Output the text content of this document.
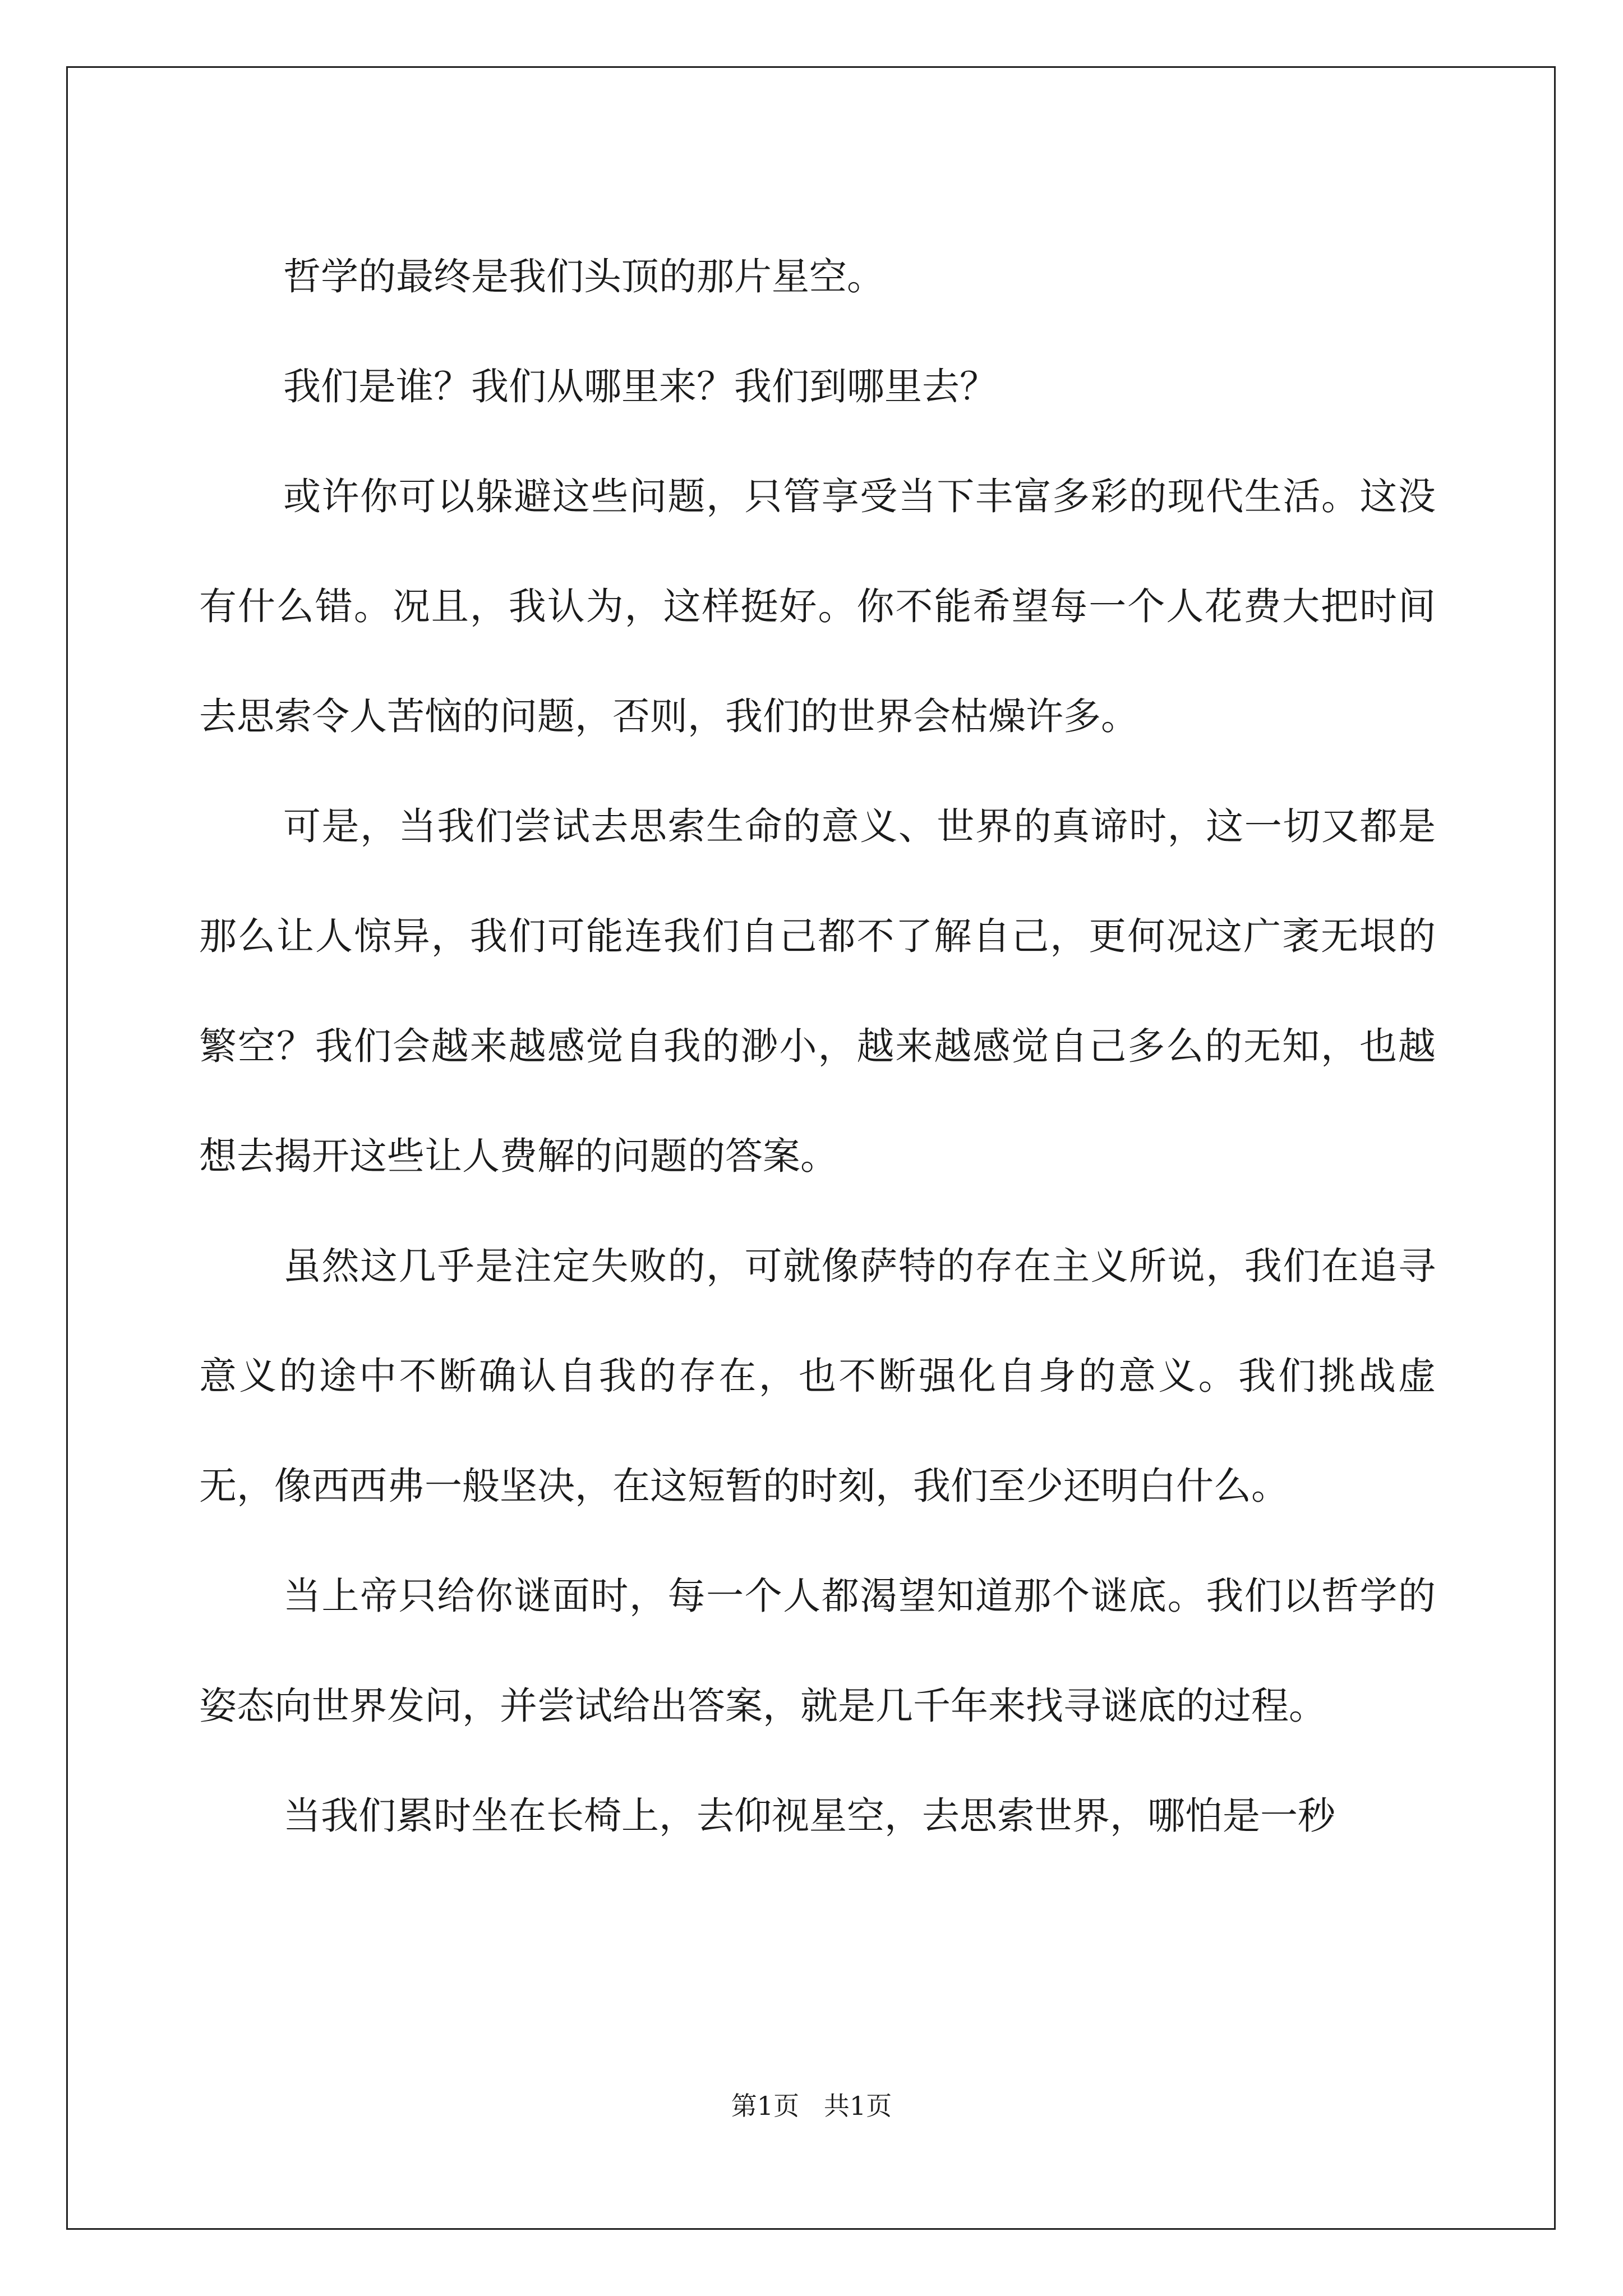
哲学的最终是我们头顶的那片星空。

我们是谁？我们从哪里来？我们到哪里去？

或许你可以躲避这些问题，只管享受当下丰富多彩的现代生活。这没有什么错。况且，我认为，这样挺好。你不能希望每一个人花费大把时间去思索令人苦恼的问题，否则，我们的世界会枯燥许多。

可是，当我们尝试去思索生命的意义、世界的真谛时，这一切又都是那么让人惊异，我们可能连我们自己都不了解自己，更何况这广袤无垠的繁空？我们会越来越感觉自我的渺小，越来越感觉自己多么的无知，也越想去揭开这些让人费解的问题的答案。

虽然这几乎是注定失败的，可就像萨特的存在主义所说，我们在追寻意义的途中不断确认自我的存在，也不断强化自身的意义。我们挑战虚无，像西西弗一般坚决，在这短暂的时刻，我们至少还明白什么。

当上帝只给你谜面时，每一个人都渴望知道那个谜底。我们以哲学的姿态向世界发问，并尝试给出答案，就是几千年来找寻谜底的过程。

当我们累时坐在长椅上，去仰视星空，去思索世界，哪怕是一秒

第1页   共1页
